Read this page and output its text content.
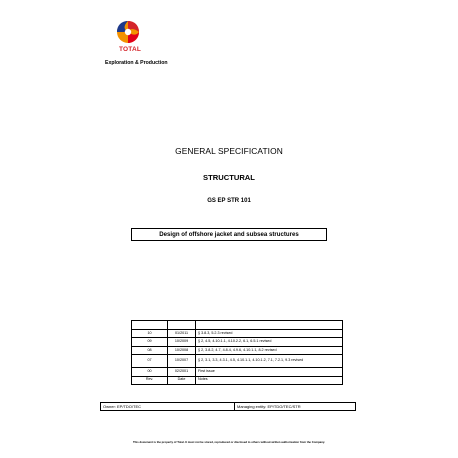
TOTAL
Exploration & Production
GENERAL SPECIFICATION
STRUCTURAL
GS EP STR 101
Design of offshore jacket and subsea structures

10	01/2011	§ 3.8.3, 5.2.3 revised
09	10/2009	§ 2, 4.5, 4.10.1.1, 4.10.2.2, 6.1, 6.5.1 revised
08	10/2008	§ 2, 3.8.2, 4.7, 4.8.4, 4.9.6, 4.10.1.1, 8.2 revised
07	10/2007	§ 2, 3.1, 3.3, 4.3.1, 4.5, 4.10.1.1, 4.10.1.2, 7.1, 7.2.1, 9.3 revised
00	02/2001	First issue
Rev.	Date	Notes
Owner: EP/TDO/TEC	Managing entity: EP/TDO/TEC/STR
This document is the property of Total. It must not be stored, reproduced or disclosed to others without written authorisation from the Company.
